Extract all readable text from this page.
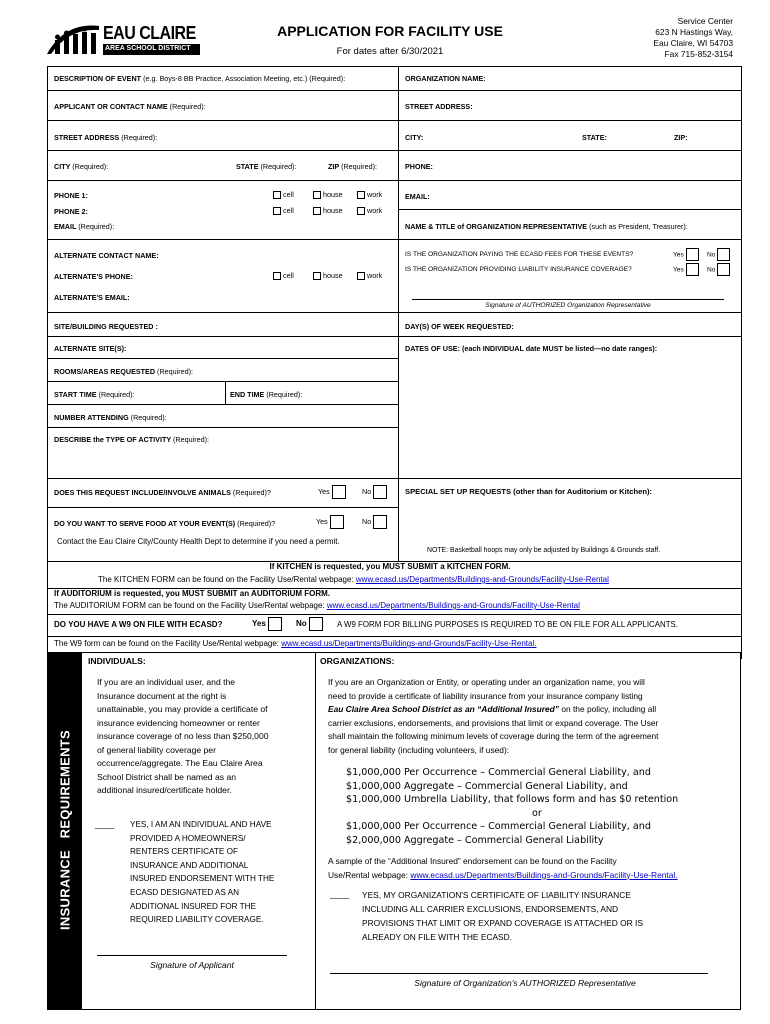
EAU CLAIRE
AREA SCHOOL DISTRICT
APPLICATION FOR FACILITY USE
For dates after 6/30/2021
Service Center
623 N Hastings Way,
Eau Claire, WI 54703
Fax 715-852-3154
DESCRIPTION OF EVENT (e.g. Boys-8 BB Practice, Association Meeting, etc.) (Required):
APPLICANT OR CONTACT NAME (Required):
STREET ADDRESS (Required):
CITY (Required):	STATE (Required):	ZIP (Required):
PHONE 1:	cell	house	work
PHONE 2:	cell	house	work
EMAIL (Required):
ALTERNATE CONTACT NAME:
ALTERNATE'S PHONE:	cell	house	work
ALTERNATE'S EMAIL:
ORGANIZATION NAME:
STREET ADDRESS:
CITY:	STATE:	ZIP:
PHONE:
EMAIL:
NAME & TITLE of ORGANIZATION REPRESENTATIVE (such as President, Treasurer):
IS THE ORGANIZATION PAYING THE ECASD FEES FOR THESE EVENTS?	Yes	No
IS THE ORGANIZATION PROVIDING LIABILITY INSURANCE COVERAGE?	Yes	No
Signature of AUTHORIZED Organization Representative
SITE/BUILDING REQUESTED :
ALTERNATE SITE(S):
ROOMS/AREAS REQUESTED (Required):
START TIME (Required):	END TIME (Required):
NUMBER ATTENDING (Required):
DESCRIBE the TYPE OF ACTIVITY (Required):
DOES THIS REQUEST INCLUDE/INVOLVE ANIMALS (Required)?	Yes	No
DO YOU WANT TO SERVE FOOD AT YOUR EVENT(S) (Required)?	Yes	No
Contact the Eau Claire City/County Health Dept to determine if you need a permit.
DAY(S) OF WEEK REQUESTED:
DATES OF USE: (each INDIVIDUAL date MUST be listed—no date ranges):
SPECIAL SET UP REQUESTS (other than for Auditorium or Kitchen):
NOTE: Basketball hoops may only be adjusted by Buildings & Grounds staff.
If KITCHEN is requested, you MUST SUBMIT a KITCHEN FORM.
The KITCHEN FORM can be found on the Facility Use/Rental webpage: www.ecasd.us/Departments/Buildings-and-Grounds/Facility-Use-Rental
If AUDITORIUM is requested, you MUST SUBMIT an AUDITORIUM FORM.
The AUDITORIUM FORM can be found on the Facility Use/Rental webpage: www.ecasd.us/Departments/Buildings-and-Grounds/Facility-Use-Rental
DO YOU HAVE A W9 ON FILE WITH ECASD?	Yes	No	A W9 FORM FOR BILLING PURPOSES IS REQUIRED TO BE ON FILE FOR ALL APPLICANTS.
The W9 form can be found on the Facility Use/Rental webpage: www.ecasd.us/Departments/Buildings-and-Grounds/Facility-Use-Rental.
INSURANCE   REQUIREMENTS
INDIVIDUALS:	ORGANIZATIONS:
If you are an individual user, and the
Insurance document at the right is
unattainable, you may provide a certificate of
insurance evidencing homeowner or renter
insurance coverage of no less than $250,000
of general liability coverage per
occurrence/aggregate. The Eau Claire Area
School District shall be named as an
additional insured/certificate holder.
____ YES, I AM AN INDIVIDUAL AND HAVE
PROVIDED A HOMEOWNERS/
RENTERS CERTIFICATE OF
INSURANCE AND ADDITIONAL
INSURED ENDORSEMENT WITH THE
ECASD DESIGNATED AS AN
ADDITIONAL INSURED FOR THE
REQUIRED LIABILITY COVERAGE.
Signature of Applicant
If you are an Organization or Entity, or operating under an organization name, you will
need to provide a certificate of liability insurance from your insurance company listing
Eau Claire Area School District as an “Additional Insured” on the policy, including all
carrier exclusions, endorsements, and provisions that limit or expand coverage. The User
shall maintain the following minimum levels of coverage during the term of the agreement
for general liability (including volunteers, if used):
$1,000,000 Per Occurrence – Commercial General Liability, and
$1,000,000 Aggregate – Commercial General Liability, and
$1,000,000 Umbrella Liability, that follows form and has $0 retention
or
$1,000,000 Per Occurrence – Commercial General Liability, and
$2,000,000 Aggregate – Commercial General Liability
A sample of the “Additional Insured” endorsement can be found on the Facility
Use/Rental webpage: www.ecasd.us/Departments/Buildings-and-Grounds/Facility-Use-Rental.
____ YES, MY ORGANIZATION'S CERTIFICATE OF LIABILITY INSURANCE
INCLUDING ALL CARRIER EXCLUSIONS, ENDORSEMENTS, AND
PROVISIONS THAT LIMIT OR EXPAND COVERAGE IS ATTACHED OR IS
ALREADY ON FILE WITH THE ECASD.
Signature of Organization's AUTHORIZED Representative
